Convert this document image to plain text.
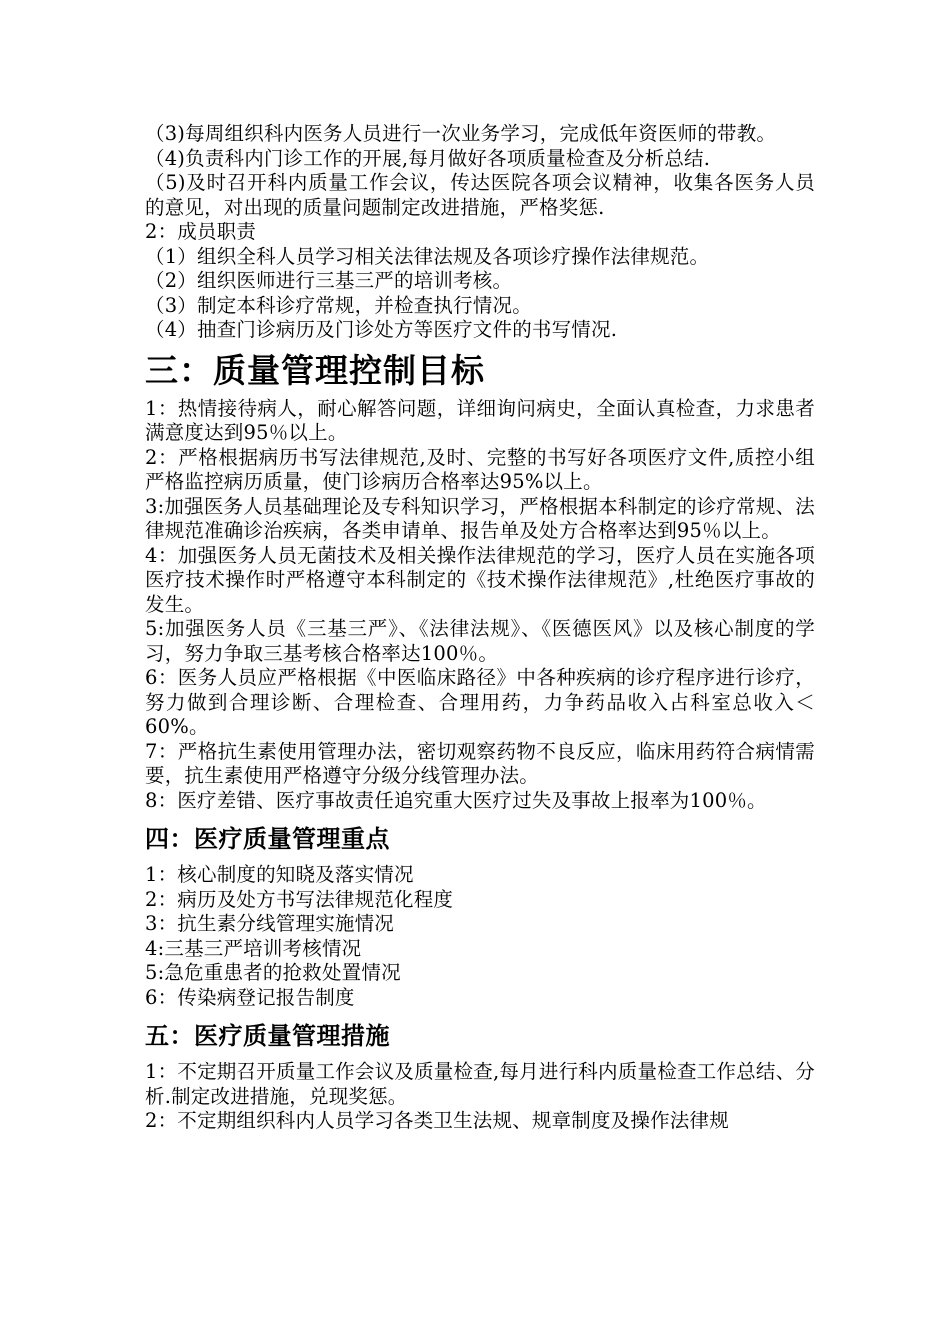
（3)每周组织科内医务人员进行一次业务学习，完成低年资医师的带教。

（4)负责科内门诊工作的开展,每月做好各项质量检查及分析总结.

（5)及时召开科内质量工作会议，传达医院各项会议精神，收集各医务人员的意见，对出现的质量问题制定改进措施，严格奖惩.

2：成员职责

（1）组织全科人员学习相关法律法规及各项诊疗操作法律规范。

（2）组织医师进行三基三严的培训考核。

（3）制定本科诊疗常规，并检查执行情况。

（4）抽查门诊病历及门诊处方等医疗文件的书写情况.

三：质量管理控制目标

1：热情接待病人，耐心解答问题，详细询问病史，全面认真检查，力求患者满意度达到95％以上。

2：严格根据病历书写法律规范,及时、完整的书写好各项医疗文件,质控小组严格监控病历质量，使门诊病历合格率达95%以上。

3:加强医务人员基础理论及专科知识学习，严格根据本科制定的诊疗常规、法律规范准确诊治疾病，各类申请单、报告单及处方合格率达到95％以上。

4：加强医务人员无菌技术及相关操作法律规范的学习，医疗人员在实施各项医疗技术操作时严格遵守本科制定的《技术操作法律规范》,杜绝医疗事故的发生。

5:加强医务人员《三基三严》、《法律法规》、《医德医风》以及核心制度的学习，努力争取三基考核合格率达100％。

6：医务人员应严格根据《中医临床路径》中各种疾病的诊疗程序进行诊疗，努力做到合理诊断、合理检查、合理用药，力争药品收入占科室总收入＜60%。

7：严格抗生素使用管理办法，密切观察药物不良反应，临床用药符合病情需要，抗生素使用严格遵守分级分线管理办法。

8：医疗差错、医疗事故责任追究重大医疗过失及事故上报率为100％。

四：医疗质量管理重点

1：核心制度的知晓及落实情况

2：病历及处方书写法律规范化程度

3：抗生素分线管理实施情况

4:三基三严培训考核情况

5:急危重患者的抢救处置情况

6：传染病登记报告制度

五：医疗质量管理措施

1：不定期召开质量工作会议及质量检查,每月进行科内质量检查工作总结、分析.制定改进措施，兑现奖惩。

2：不定期组织科内人员学习各类卫生法规、规章制度及操作法律规
